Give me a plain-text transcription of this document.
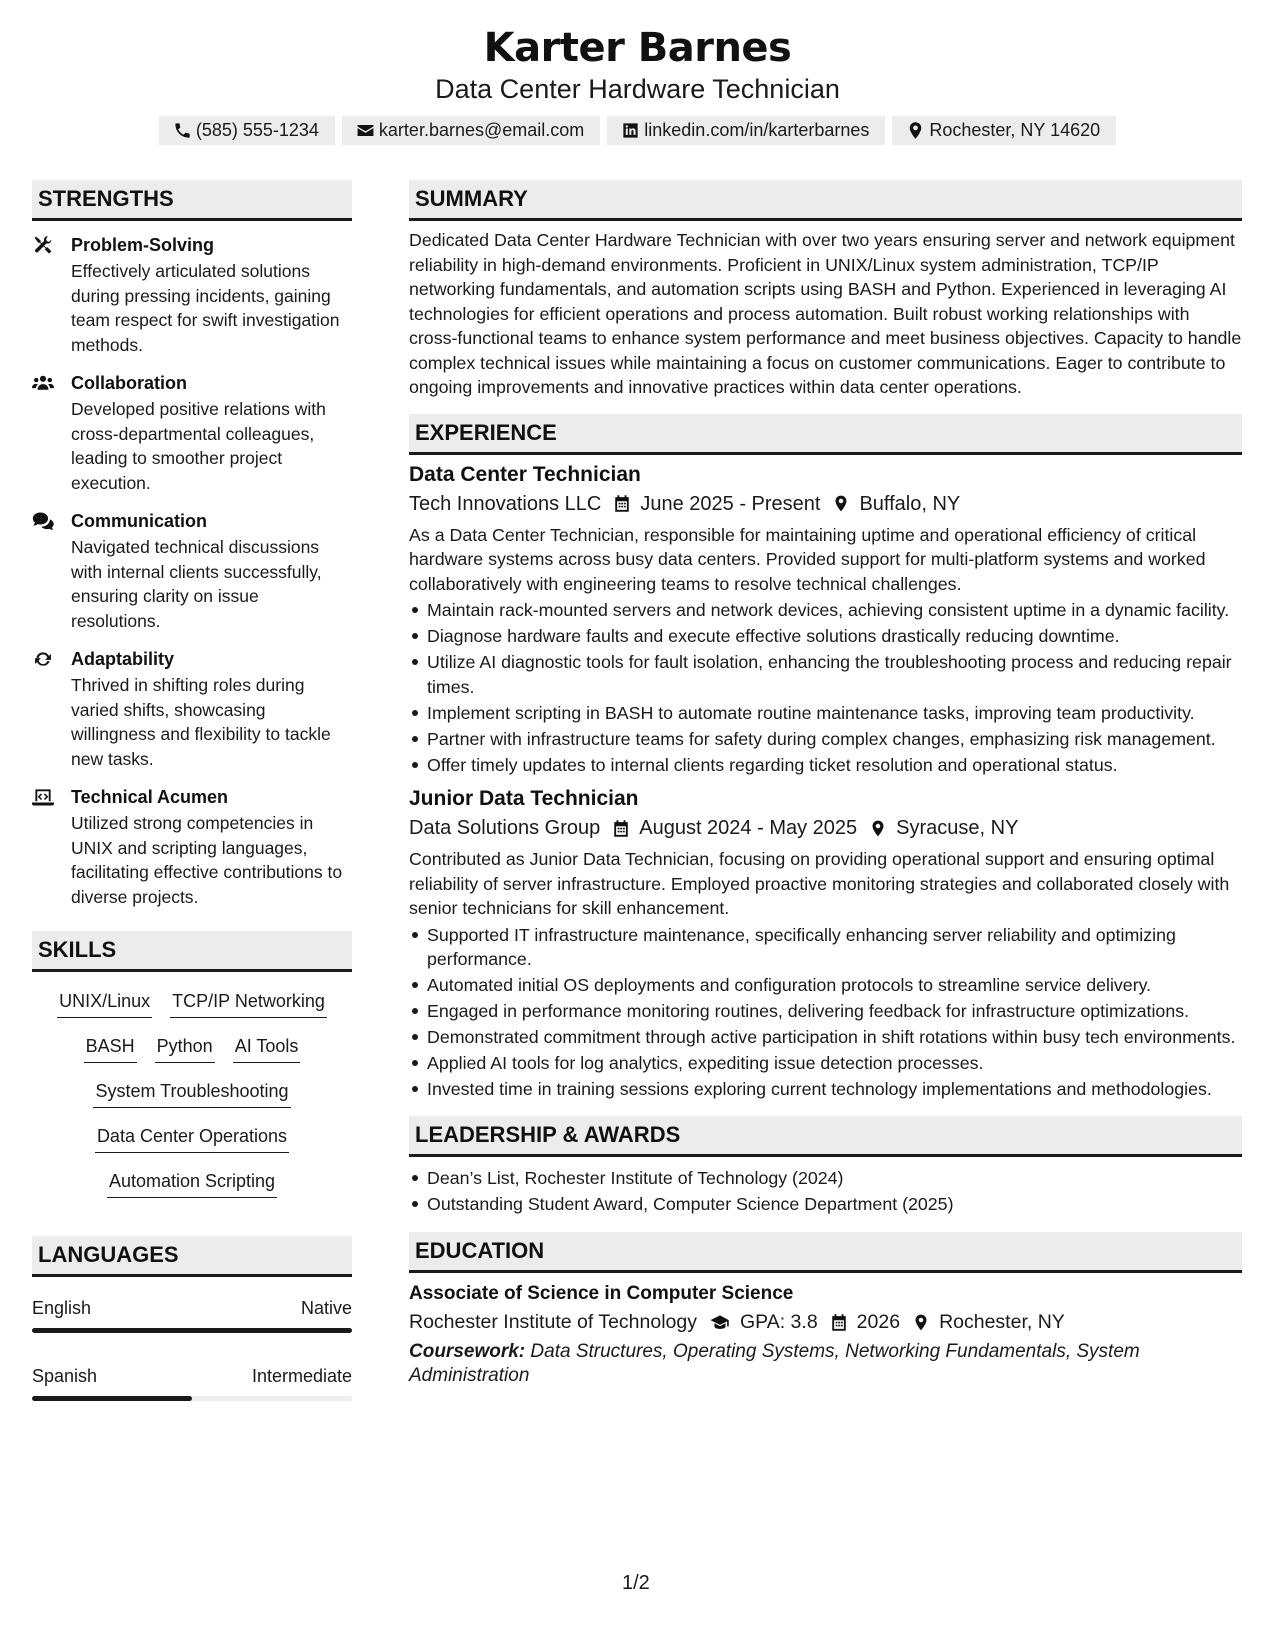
Karter Barnes
Data Center Hardware Technician
(585) 555-1234	karter.barnes@email.com	linkedin.com/in/karterbarnes	Rochester, NY 14620
STRENGTHS
Problem-Solving

Effectively articulated solutions during pressing incidents, gaining team respect for swift investigation methods.

Collaboration

Developed positive relations with cross-departmental colleagues, leading to smoother project execution.

Communication

Navigated technical discussions with internal clients successfully, ensuring clarity on issue resolutions.

Adaptability

Thrived in shifting roles during varied shifts, showcasing willingness and flexibility to tackle new tasks.

Technical Acumen

Utilized strong competencies in UNIX and scripting languages, facilitating effective contributions to diverse projects.

SKILLS
UNIX/Linux TCP/IP Networking
BASH Python AI Tools
System Troubleshooting
Data Center Operations
Automation Scripting
LANGUAGES
English	Native
Spanish	Intermediate
SUMMARY

Dedicated Data Center Hardware Technician with over two years ensuring server and network equipment reliability in high-demand environments. Proficient in UNIX/Linux system administration, TCP/IP networking fundamentals, and automation scripts using BASH and Python. Experienced in leveraging AI technologies for efficient operations and process automation. Built robust working relationships with cross-functional teams to enhance system performance and meet business objectives. Capacity to handle complex technical issues while maintaining a focus on customer communications. Eager to contribute to ongoing improvements and innovative practices within data center operations.

EXPERIENCE
Data Center Technician
Tech Innovations LLC June 2025 - Present Buffalo, NY

As a Data Center Technician, responsible for maintaining uptime and operational efficiency of critical hardware systems across busy data centers. Provided support for multi-platform systems and worked collaboratively with engineering teams to resolve technical challenges.

Maintain rack-mounted servers and network devices, achieving consistent uptime in a dynamic facility.
Diagnose hardware faults and execute effective solutions drastically reducing downtime.
Utilize AI diagnostic tools for fault isolation, enhancing the troubleshooting process and reducing repair times.
Implement scripting in BASH to automate routine maintenance tasks, improving team productivity.
Partner with infrastructure teams for safety during complex changes, emphasizing risk management.
Offer timely updates to internal clients regarding ticket resolution and operational status.
Junior Data Technician
Data Solutions Group August 2024 - May 2025 Syracuse, NY

Contributed as Junior Data Technician, focusing on providing operational support and ensuring optimal reliability of server infrastructure. Employed proactive monitoring strategies and collaborated closely with senior technicians for skill enhancement.

Supported IT infrastructure maintenance, specifically enhancing server reliability and optimizing performance.
Automated initial OS deployments and configuration protocols to streamline service delivery.
Engaged in performance monitoring routines, delivering feedback for infrastructure optimizations.
Demonstrated commitment through active participation in shift rotations within busy tech environments.
Applied AI tools for log analytics, expediting issue detection processes.
Invested time in training sessions exploring current technology implementations and methodologies.
LEADERSHIP & AWARDS
Dean’s List, Rochester Institute of Technology (2024)
Outstanding Student Award, Computer Science Department (2025)
EDUCATION
Associate of Science in Computer Science
Rochester Institute of Technology GPA: 3.8 2026 Rochester, NY

Coursework: Data Structures, Operating Systems, Networking Fundamentals, System Administration

1/2
